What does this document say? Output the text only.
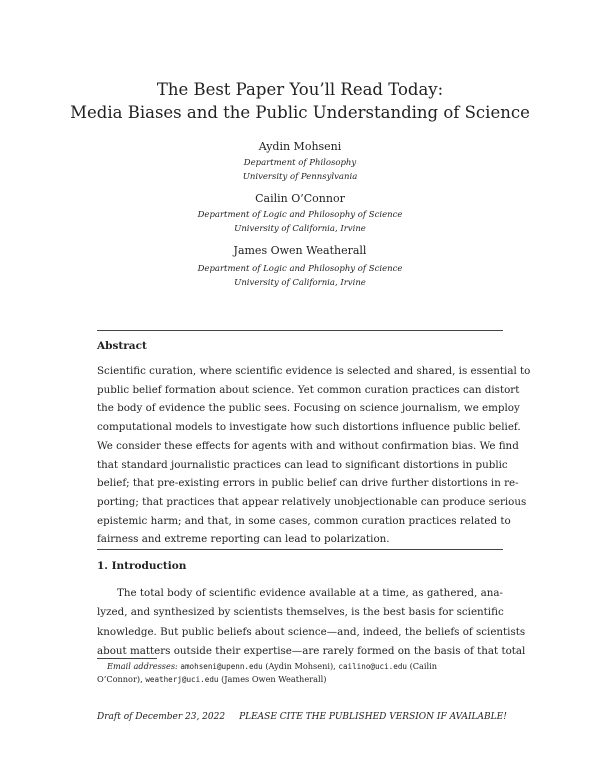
The Best Paper You’ll Read Today:
Media Biases and the Public Understanding of Science
Aydin Mohseni
Department of Philosophy
University of Pennsylvania
Cailin O’Connor
Department of Logic and Philosophy of Science
University of California, Irvine
James Owen Weatherall
Department of Logic and Philosophy of Science
University of California, Irvine
Abstract
Scientific curation, where scientific evidence is selected and shared, is essential to
public belief formation about science. Yet common curation practices can distort
the body of evidence the public sees. Focusing on science journalism, we employ
computational models to investigate how such distortions influence public belief.
We consider these effects for agents with and without confirmation bias. We find
that standard journalistic practices can lead to significant distortions in public
belief; that pre-existing errors in public belief can drive further distortions in re-
porting; that practices that appear relatively unobjectionable can produce serious
epistemic harm; and that, in some cases, common curation practices related to
fairness and extreme reporting can lead to polarization.
1. Introduction
The total body of scientific evidence available at a time, as gathered, ana-
lyzed, and synthesized by scientists themselves, is the best basis for scientific
knowledge. But public beliefs about science—and, indeed, the beliefs of scientists
about matters outside their expertise—are rarely formed on the basis of that total
Email addresses: amohseni@upenn.edu (Aydin Mohseni), cailino@uci.edu (Cailin
O’Connor), weatherj@uci.edu (James Owen Weatherall)
Draft of December 23, 2022 PLEASE CITE THE PUBLISHED VERSION IF AVAILABLE!
